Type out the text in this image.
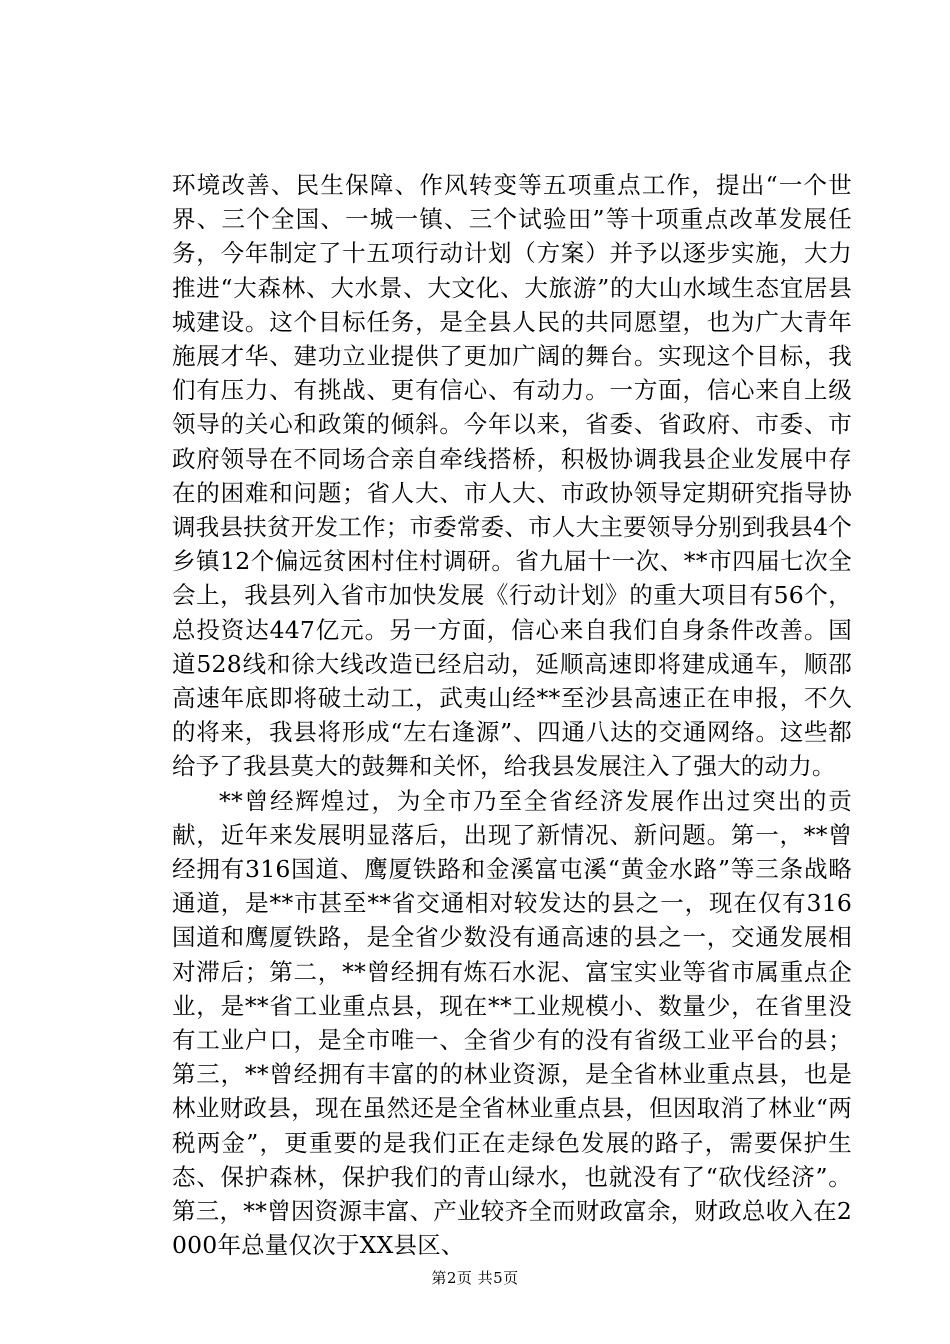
环境改善、民生保障、作风转变等五项重点工作，提出“一个世界、三个全国、一城一镇、三个试验田”等十项重点改革发展任务，今年制定了十五项行动计划（方案）并予以逐步实施，大力推进“大森林、大水景、大文化、大旅游”的大山水域生态宜居县城建设。这个目标任务，是全县人民的共同愿望，也为广大青年施展才华、建功立业提供了更加广阔的舞台。实现这个目标，我们有压力、有挑战、更有信心、有动力。一方面，信心来自上级领导的关心和政策的倾斜。今年以来，省委、省政府、市委、市政府领导在不同场合亲自牵线搭桥，积极协调我县企业发展中存在的困难和问题；省人大、市人大、市政协领导定期研究指导协调我县扶贫开发工作；市委常委、市人大主要领导分别到我县4个乡镇12个偏远贫困村住村调研。省九届十一次、**市四届七次全会上，我县列入省市加快发展《行动计划》的重大项目有56个，总投资达447亿元。另一方面，信心来自我们自身条件改善。国道528线和徐大线改造已经启动，延顺高速即将建成通车，顺邵高速年底即将破土动工，武夷山经**至沙县高速正在申报，不久的将来，我县将形成“左右逢源”、四通八达的交通网络。这些都给予了我县莫大的鼓舞和关怀，给我县发展注入了强大的动力。

**曾经辉煌过，为全市乃至全省经济发展作出过突出的贡献，近年来发展明显落后，出现了新情况、新问题。第一，**曾经拥有316国道、鹰厦铁路和金溪富屯溪“黄金水路”等三条战略通道，是**市甚至**省交通相对较发达的县之一，现在仅有316国道和鹰厦铁路，是全省少数没有通高速的县之一，交通发展相对滞后；第二，**曾经拥有炼石水泥、富宝实业等省市属重点企业，是**省工业重点县，现在**工业规模小、数量少，在省里没有工业户口，是全市唯一、全省少有的没有省级工业平台的县；第三，**曾经拥有丰富的的林业资源，是全省林业重点县，也是林业财政县，现在虽然还是全省林业重点县，但因取消了林业“两税两金”，更重要的是我们正在走绿色发展的路子，需要保护生态、保护森林，保护我们的青山绿水，也就没有了“砍伐经济”。第三，**曾因资源丰富、产业较齐全而财政富余，财政总收入在2000年总量仅次于XX县区、

第2页 共5页
